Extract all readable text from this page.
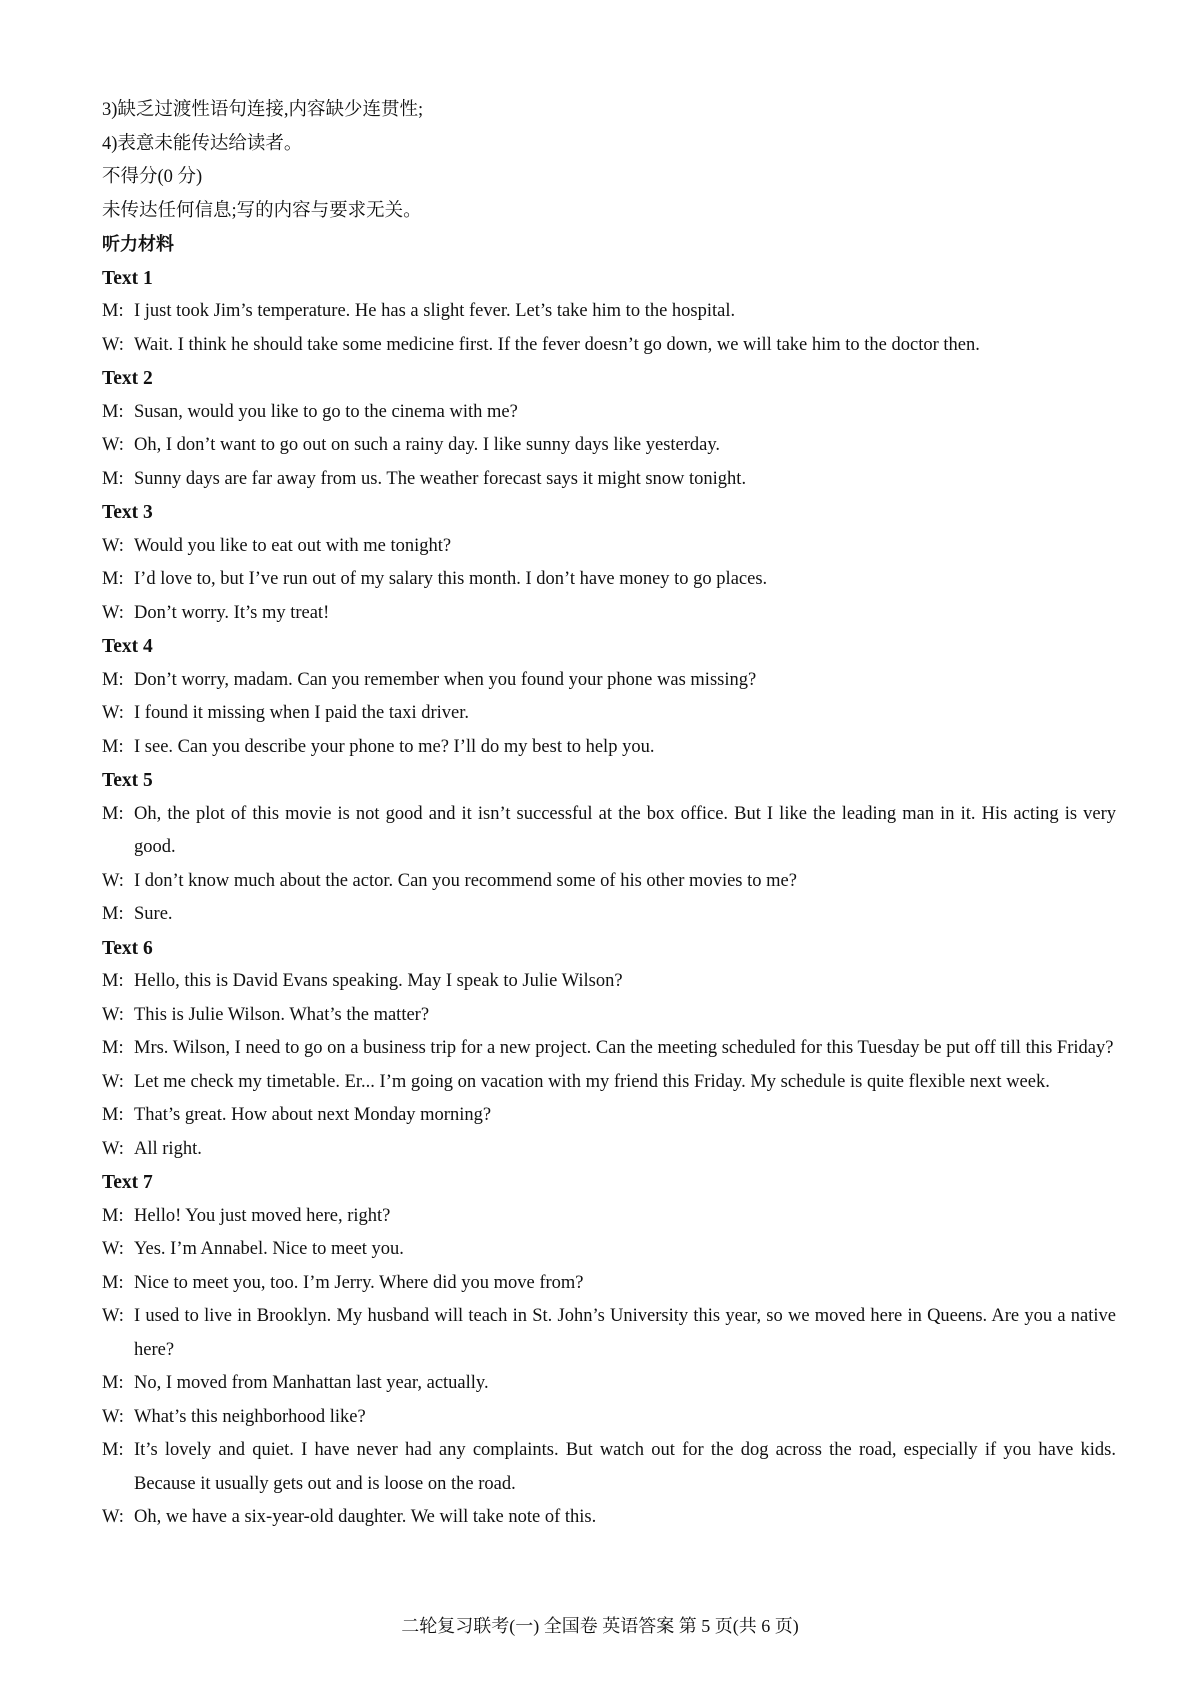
3)缺乏过渡性语句连接,内容缺少连贯性;
4)表意未能传达给读者。
不得分(0 分)
未传达任何信息;写的内容与要求无关。
听力材料
Text 1
M: I just took Jim’s temperature. He has a slight fever. Let’s take him to the hospital.
W: Wait. I think he should take some medicine first. If the fever doesn’t go down, we will take him to the doctor then.
Text 2
M: Susan, would you like to go to the cinema with me?
W: Oh, I don’t want to go out on such a rainy day. I like sunny days like yesterday.
M: Sunny days are far away from us. The weather forecast says it might snow tonight.
Text 3
W: Would you like to eat out with me tonight?
M: I’d love to, but I’ve run out of my salary this month. I don’t have money to go places.
W: Don’t worry. It’s my treat!
Text 4
M: Don’t worry, madam. Can you remember when you found your phone was missing?
W: I found it missing when I paid the taxi driver.
M: I see. Can you describe your phone to me? I’ll do my best to help you.
Text 5
M: Oh, the plot of this movie is not good and it isn’t successful at the box office. But I like the leading man in it. His acting is very good.
W: I don’t know much about the actor. Can you recommend some of his other movies to me?
M: Sure.
Text 6
M: Hello, this is David Evans speaking. May I speak to Julie Wilson?
W: This is Julie Wilson. What’s the matter?
M: Mrs. Wilson, I need to go on a business trip for a new project. Can the meeting scheduled for this Tuesday be put off till this Friday?
W: Let me check my timetable. Er... I’m going on vacation with my friend this Friday. My schedule is quite flexible next week.
M: That’s great. How about next Monday morning?
W: All right.
Text 7
M: Hello! You just moved here, right?
W: Yes. I’m Annabel. Nice to meet you.
M: Nice to meet you, too. I’m Jerry. Where did you move from?
W: I used to live in Brooklyn. My husband will teach in St. John’s University this year, so we moved here in Queens. Are you a native here?
M: No, I moved from Manhattan last year, actually.
W: What’s this neighborhood like?
M: It’s lovely and quiet. I have never had any complaints. But watch out for the dog across the road, especially if you have kids. Because it usually gets out and is loose on the road.
W: Oh, we have a six-year-old daughter. We will take note of this.
二轮复习联考(一) 全国卷 英语答案 第 5 页(共 6 页)
